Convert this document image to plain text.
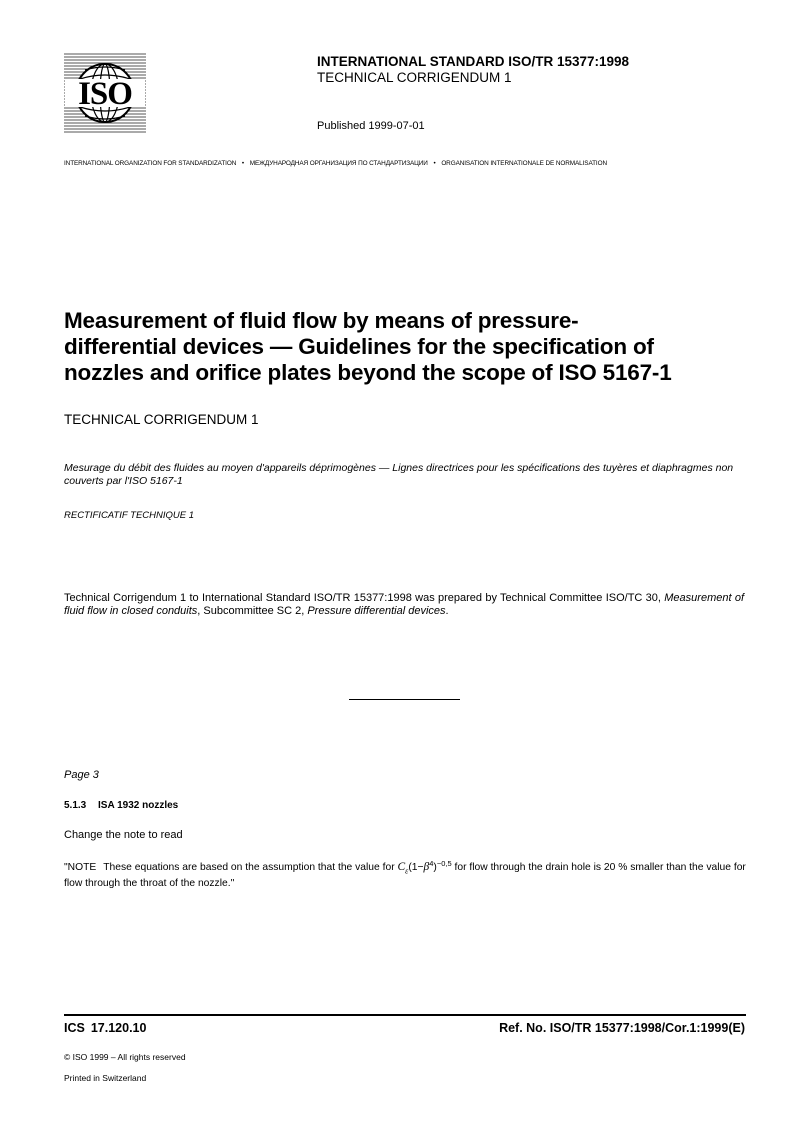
ISO
INTERNATIONAL STANDARD ISO/TR 15377:1998
TECHNICAL CORRIGENDUM 1
Published 1999-07-01
INTERNATIONAL ORGANIZATION FOR STANDARDIZATION • МЕЖДУНАРОДНАЯ ОРГАНИЗАЦИЯ ПО СТАНДАРТИЗАЦИИ • ORGANISATION INTERNATIONALE DE NORMALISATION
Measurement of fluid flow by means of pressure-
differential devices — Guidelines for the specification of
nozzles and orifice plates beyond the scope of ISO 5167-1
TECHNICAL CORRIGENDUM 1
Mesurage du débit des fluides au moyen d'appareils déprimogènes — Lignes directrices pour les spécifications des tuyères et diaphragmes non couverts par l'ISO 5167-1
RECTIFICATIF TECHNIQUE 1
Technical Corrigendum 1 to International Standard ISO/TR 15377:1998 was prepared by Technical Committee ISO/TC 30, Measurement of fluid flow in closed conduits, Subcommittee SC 2, Pressure differential devices.
Page 3
5.1.3 ISA 1932 nozzles
Change the note to read
"NOTE These equations are based on the assumption that the value for $C_\varepsilon(1-\beta^4)^{-0,5}$ for flow through the drain hole is 20 % smaller than the value for flow through the throat of the nozzle."
ICS 17.120.10	Ref. No. ISO/TR 15377:1998/Cor.1:1999(E)
© ISO 1999 – All rights reserved
Printed in Switzerland
